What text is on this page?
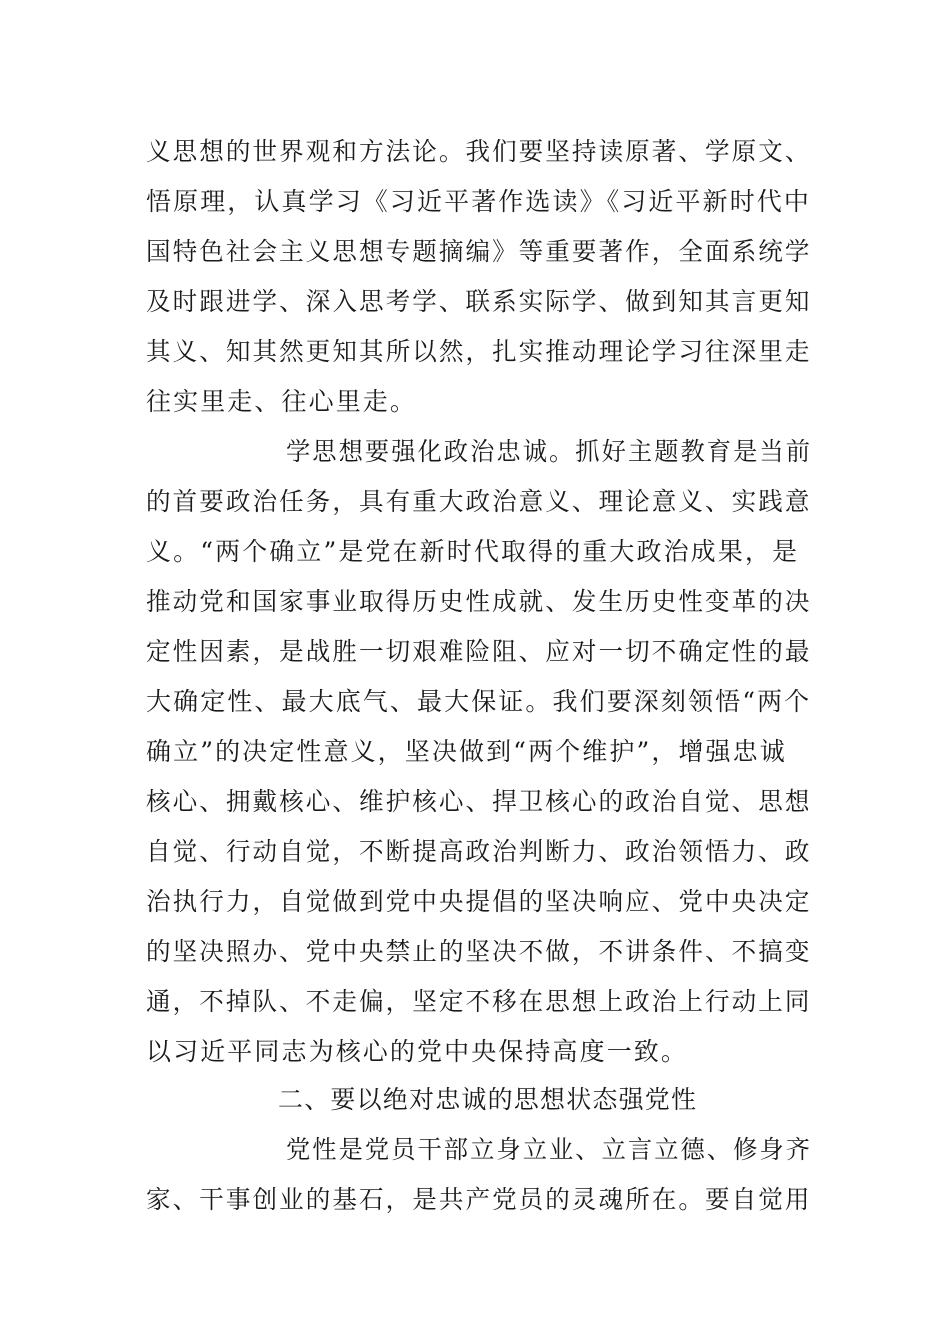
义思想的世界观和方法论。我们要坚持读原著、学原文、
悟原理，认真学习《习近平著作选读》《习近平新时代中
国特色社会主义思想专题摘编》等重要著作，全面系统学
及时跟进学、深入思考学、联系实际学、做到知其言更知
其义、知其然更知其所以然，扎实推动理论学习往深里走
往实里走、往心里走。
学思想要强化政治忠诚。抓好主题教育是当前
的首要政治任务，具有重大政治意义、理论意义、实践意
义。“两个确立”是党在新时代取得的重大政治成果，是
推动党和国家事业取得历史性成就、发生历史性变革的决
定性因素，是战胜一切艰难险阻、应对一切不确定性的最
大确定性、最大底气、最大保证。我们要深刻领悟“两个
确立”的决定性意义，坚决做到“两个维护”，增强忠诚
核心、拥戴核心、维护核心、捍卫核心的政治自觉、思想
自觉、行动自觉，不断提高政治判断力、政治领悟力、政
治执行力，自觉做到党中央提倡的坚决响应、党中央决定
的坚决照办、党中央禁止的坚决不做，不讲条件、不搞变
通，不掉队、不走偏，坚定不移在思想上政治上行动上同
以习近平同志为核心的党中央保持高度一致。
二、要以绝对忠诚的思想状态强党性
党性是党员干部立身立业、立言立德、修身齐
家、干事创业的基石，是共产党员的灵魂所在。要自觉用
